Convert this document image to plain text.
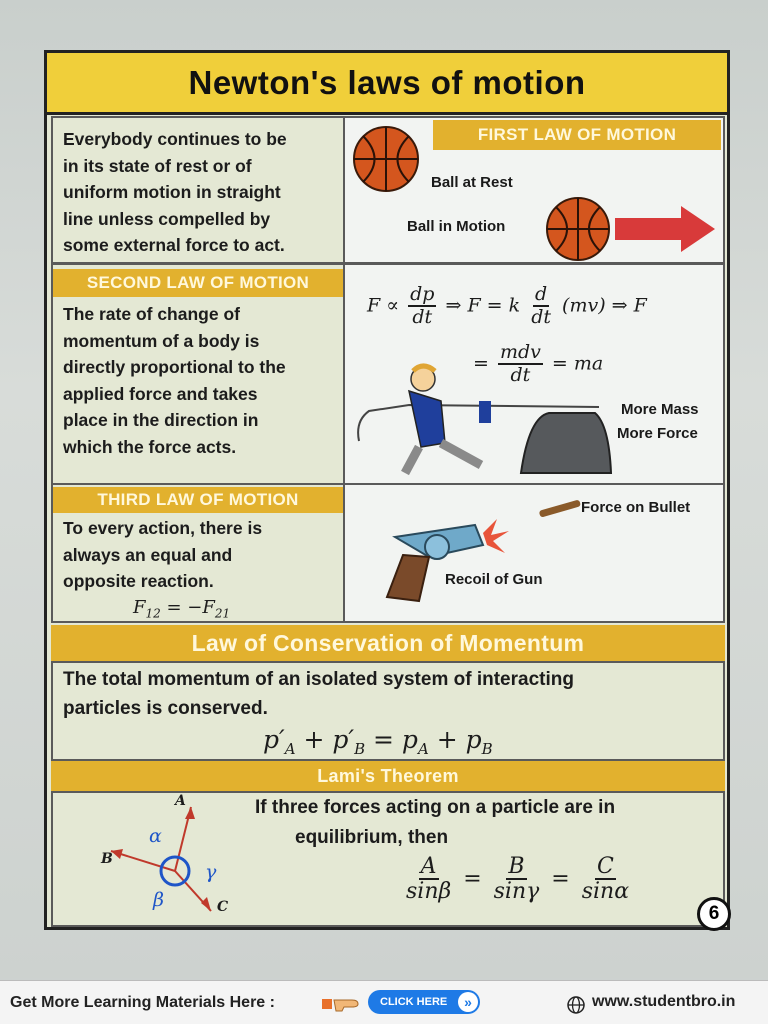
Newton's laws of motion
Everybody continues to be
in its state of rest or of
uniform motion in straight
line unless compelled by
some external force to act.
FIRST LAW OF MOTION
Ball at Rest
Ball in Motion
SECOND LAW OF MOTION
The rate of change of
momentum of a body is
directly proportional to the
applied force and takes
place in the direction in
which the force acts.
$F \propto \frac{dp}{dt}$ ⇒ F = k $\frac{d}{dt} (mv)$ ⇒ F
= $\frac{\text{mdv}}{dt}$ = ma
More Mass
More Force
THIRD LAW OF MOTION
To every action, there is
always an equal and
opposite reaction.
$F_{12} = -F_{21}$
Force on Bullet
Recoil of Gun
Law of Conservation of Momentum
The total momentum of an isolated system of interacting
particles is conserved.
$p'_A + p'_B = p_A + p_B$
Lami's Theorem
A
B
C
α
β
γ
If three forces acting on a particle are in
equilibrium, then
$\frac{A}{\sin\beta} = \frac{B}{\sin\gamma} = \frac{C}{\sin\alpha}$
6
Get More Learning Materials Here :	CLICK HERE	»	www.studentbro.in
